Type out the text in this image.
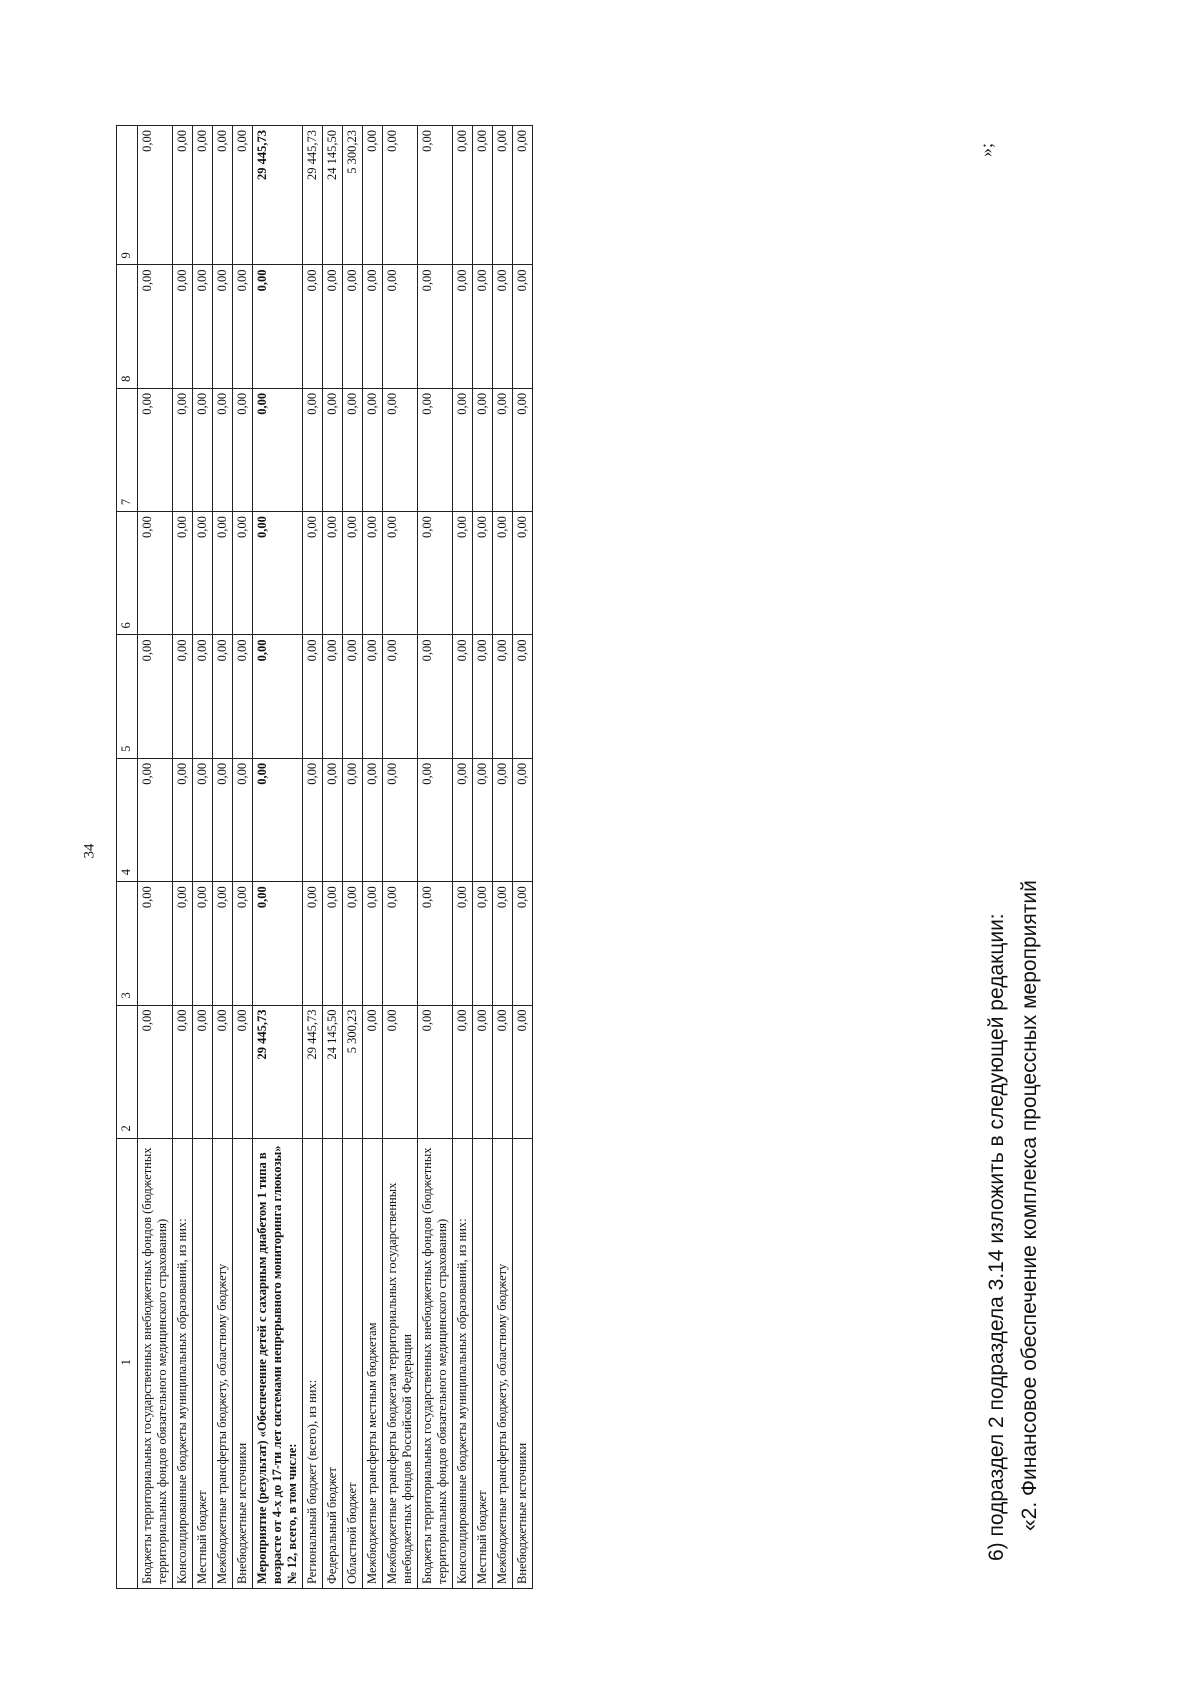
34
1	2	3	4	5	6	7	8	9
Бюджеты территориальных государственных внебюджетных фондов (бюджетных территориальных фондов обязательного медицинского страхования)	0,00	0,00	0,00	0,00	0,00	0,00	0,00	0,00
Консолидированные бюджеты муниципальных образований, из них:	0,00	0,00	0,00	0,00	0,00	0,00	0,00	0,00
Местный бюджет	0,00	0,00	0,00	0,00	0,00	0,00	0,00	0,00
Межбюджетные трансферты бюджету, областному бюджету	0,00	0,00	0,00	0,00	0,00	0,00	0,00	0,00
Внебюджетные источники	0,00	0,00	0,00	0,00	0,00	0,00	0,00	0,00
Мероприятие (результат) «Обеспечение детей с сахарным диабетом 1 типа в возрасте от 4-х до 17-ти лет системами непрерывного мониторинга глюкозы» № 12, всего, в том числе:	29 445,73	0,00	0,00	0,00	0,00	0,00	0,00	29 445,73
Региональный бюджет (всего), из них:	29 445,73	0,00	0,00	0,00	0,00	0,00	0,00	29 445,73
Федеральный бюджет	24 145,50	0,00	0,00	0,00	0,00	0,00	0,00	24 145,50
Областной бюджет	5 300,23	0,00	0,00	0,00	0,00	0,00	0,00	5 300,23
Межбюджетные трансферты местным бюджетам	0,00	0,00	0,00	0,00	0,00	0,00	0,00	0,00
Межбюджетные трансферты бюджетам территориальных государственных внебюджетных фондов Российской Федерации	0,00	0,00	0,00	0,00	0,00	0,00	0,00	0,00
Бюджеты территориальных государственных внебюджетных фондов (бюджетных территориальных фондов обязательного медицинского страхования)	0,00	0,00	0,00	0,00	0,00	0,00	0,00	0,00
Консолидированные бюджеты муниципальных образований, из них:	0,00	0,00	0,00	0,00	0,00	0,00	0,00	0,00
Местный бюджет	0,00	0,00	0,00	0,00	0,00	0,00	0,00	0,00
Межбюджетные трансферты бюджету, областному бюджету	0,00	0,00	0,00	0,00	0,00	0,00	0,00	0,00
Внебюджетные источники	0,00	0,00	0,00	0,00	0,00	0,00	0,00	0,00	»;
6) подраздел 2 подраздела 3.14 изложить в следующей редакции: «2. Финансовое обеспечение комплекса процессных мероприятий
